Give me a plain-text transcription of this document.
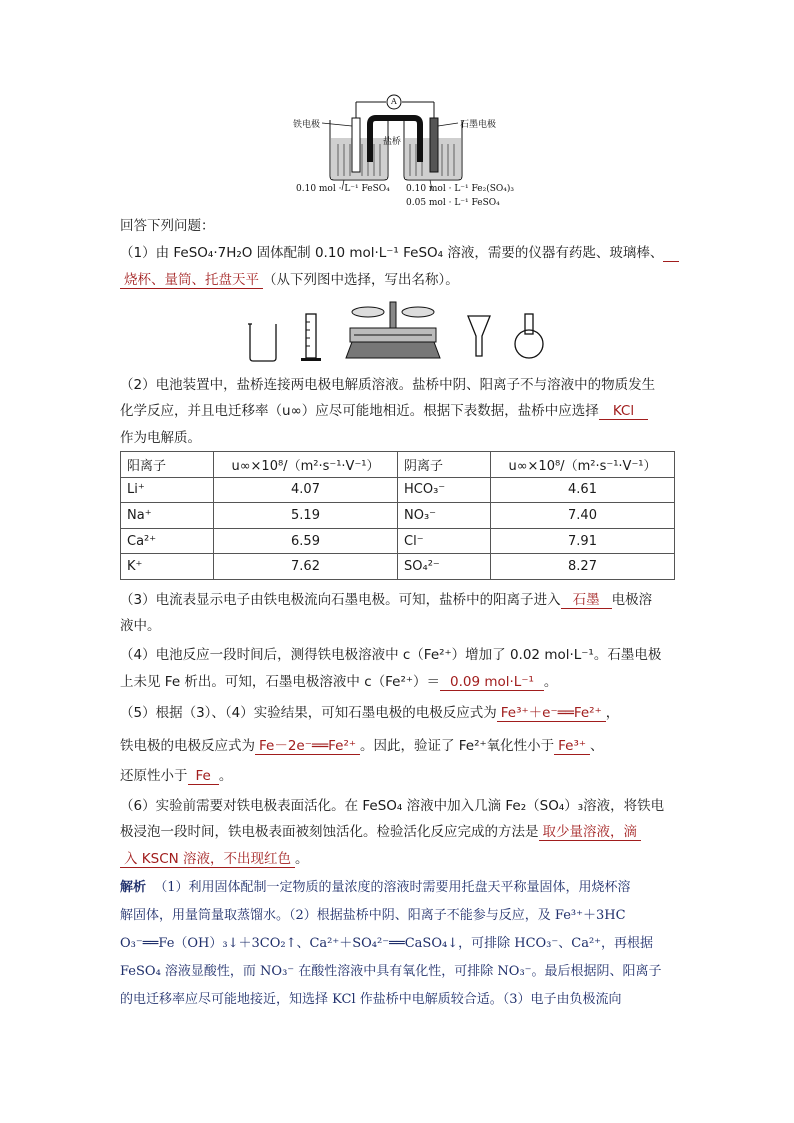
铁电极	石墨电极
盐桥
A
0.10 mol · L⁻¹ FeSO₄ 0.10 mol · L⁻¹ Fe₂(SO₄)₃
0.05 mol · L⁻¹ FeSO₄
回答下列问题：
（1）由 FeSO₄·7H₂O 固体配制 0.10 mol·L⁻¹ FeSO₄ 溶液，需要的仪器有药匙、玻璃棒、
烧杯、量筒、托盘天平 （从下列图中选择，写出名称）。
（2）电池装置中，盐桥连接两电极电解质溶液。盐桥中阴、阳离子不与溶液中的物质发生
化学反应，并且电迁移率（u∞）应尽可能地相近。根据下表数据，盐桥中应选择 KCl
作为电解质。
阳离子	u∞×10⁸/（m²·s⁻¹·V⁻¹）	阴离子	u∞×10⁸/（m²·s⁻¹·V⁻¹）
Li⁺	4.07	HCO₃⁻	4.61
Na⁺	5.19	NO₃⁻	7.40
Ca²⁺	6.59	Cl⁻	7.91
K⁺	7.62	SO₄²⁻	8.27
（3）电流表显示电子由铁电极流向石墨电极。可知，盐桥中的阳离子进入 石墨 电极溶
液中。
（4）电池反应一段时间后，测得铁电极溶液中 c（Fe²⁺）增加了 0.02 mol·L⁻¹。石墨电极
上未见 Fe 析出。可知，石墨电极溶液中 c（Fe²⁺）＝ 0.09 mol·L⁻¹ 。
（5）根据（3）、（4）实验结果，可知石墨电极的电极反应式为 Fe³⁺＋e⁻══Fe²⁺ ，
铁电极的电极反应式为 Fe－2e⁻══Fe²⁺ 。因此，验证了 Fe²⁺氧化性小于 Fe³⁺ 、
还原性小于 Fe 。
（6）实验前需要对铁电极表面活化。在 FeSO₄ 溶液中加入几滴 Fe₂（SO₄）₃溶液，将铁电
极浸泡一段时间，铁电极表面被刻蚀活化。检验活化反应完成的方法是 取少量溶液，滴
入 KSCN 溶液，不出现红色 。
解析 （1）利用固体配制一定物质的量浓度的溶液时需要用托盘天平称量固体，用烧杯溶
解固体，用量筒量取蒸馏水。（2）根据盐桥中阴、阳离子不能参与反应，及 Fe³⁺＋3HC
O₃⁻══Fe（OH）₃↓＋3CO₂↑、Ca²⁺＋SO₄²⁻══CaSO₄↓，可排除 HCO₃⁻、Ca²⁺，再根据
FeSO₄ 溶液显酸性，而 NO₃⁻ 在酸性溶液中具有氧化性，可排除 NO₃⁻。最后根据阴、阳离子
的电迁移率应尽可能地接近，知选择 KCl 作盐桥中电解质较合适。（3）电子由负极流向
